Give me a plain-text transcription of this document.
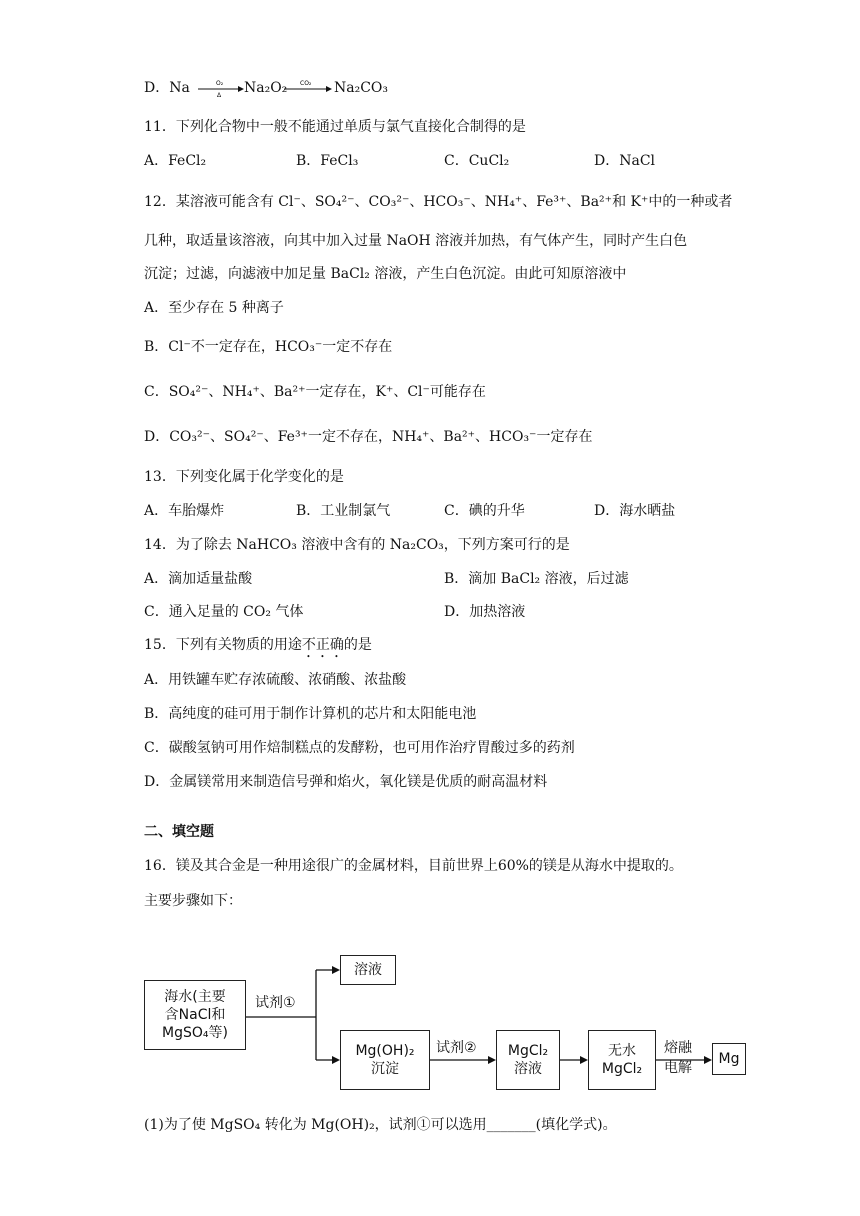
D．Na	O₂
Δ
CO₂
Na₂O₂	Na₂CO₃
11．下列化合物中一般不能通过单质与氯气直接化合制得的是
A．FeCl₂	B．FeCl₃	C．CuCl₂	D．NaCl
12．某溶液可能含有 Cl⁻、SO₄²⁻、CO₃²⁻、HCO₃⁻、NH₄⁺、Fe³⁺、Ba²⁺和 K⁺中的一种或者
几种，取适量该溶液，向其中加入过量 NaOH 溶液并加热，有气体产生，同时产生白色
沉淀；过滤，向滤液中加足量 BaCl₂ 溶液，产生白色沉淀。由此可知原溶液中
A．至少存在 5 种离子
B．Cl⁻不一定存在，HCO₃⁻一定不存在
C．SO₄²⁻、NH₄⁺、Ba²⁺一定存在，K⁺、Cl⁻可能存在
D．CO₃²⁻、SO₄²⁻、Fe³⁺一定不存在，NH₄⁺、Ba²⁺、HCO₃⁻一定存在
13．下列变化属于化学变化的是
A．车胎爆炸	B．工业制氯气	C．碘的升华	D．海水晒盐
14．为了除去 NaHCO₃ 溶液中含有的 Na₂CO₃，下列方案可行的是
A．滴加适量盐酸	B．滴加 BaCl₂ 溶液，后过滤
C．通入足量的 CO₂ 气体	D．加热溶液
15．下列有关物质的用途不正确的是
A．用铁罐车贮存浓硫酸、浓硝酸、浓盐酸
B．高纯度的硅可用于制作计算机的芯片和太阳能电池
C．碳酸氢钠可用作焙制糕点的发酵粉，也可用作治疗胃酸过多的药剂
D．金属镁常用来制造信号弹和焰火，氧化镁是优质的耐高温材料
二、填空题
16．镁及其合金是一种用途很广的金属材料，目前世界上60%的镁是从海水中提取的。
主要步骤如下：
海水(主要
含NaCl和
MgSO₄等)
试剂①
溶液
Mg(OH)₂
沉淀
试剂② MgCl₂
溶液
无水
MgCl₂
熔融
电解
Mg
(1)为了使 MgSO₄ 转化为 Mg(OH)₂，试剂①可以选用_______(填化学式)。
